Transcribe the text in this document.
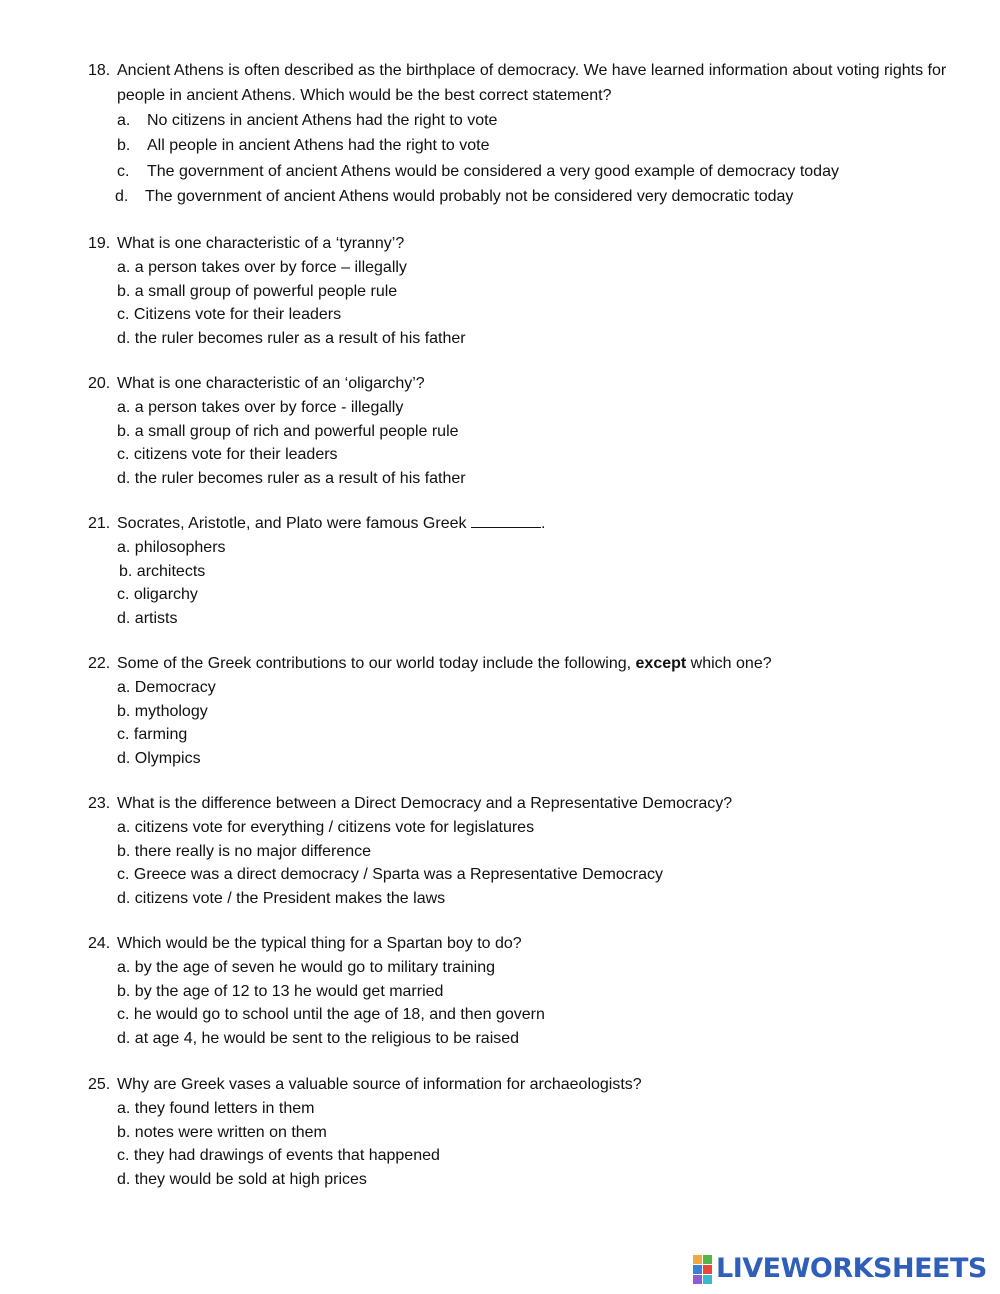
18. Ancient Athens is often described as the birthplace of democracy. We have learned information about voting rights for people in ancient Athens. Which would be the best correct statement?
a.	No citizens in ancient Athens had the right to vote
b.	All people in ancient Athens had the right to vote
c.	The government of ancient Athens would be considered a very good example of democracy today
d.	The government of ancient Athens would probably not be considered very democratic today
19. What is one characteristic of a ‘tyranny’?
a. a person takes over by force – illegally
b. a small group of powerful people rule
c. Citizens vote for their leaders
d. the ruler becomes ruler as a result of his father
20. What is one characteristic of an ‘oligarchy’?
a. a person takes over by force - illegally
b. a small group of rich and powerful people rule
c. citizens vote for their leaders
d. the ruler becomes ruler as a result of his father
21. Socrates, Aristotle, and Plato were famous Greek	.
a. philosophers
b. architects
c. oligarchy
d. artists
22. Some of the Greek contributions to our world today include the following, except which one?
a. Democracy
b. mythology
c. farming
d. Olympics
23. What is the difference between a Direct Democracy and a Representative Democracy?
a. citizens vote for everything / citizens vote for legislatures
b. there really is no major difference
c. Greece was a direct democracy / Sparta was a Representative Democracy
d. citizens vote / the President makes the laws
24. Which would be the typical thing for a Spartan boy to do?
a. by the age of seven he would go to military training
b. by the age of 12 to 13 he would get married
c. he would go to school until the age of 18, and then govern
d. at age 4, he would be sent to the religious to be raised
25. Why are Greek vases a valuable source of information for archaeologists?
a. they found letters in them
b. notes were written on them
c. they had drawings of events that happened
d. they would be sold at high prices
LIVEWORKSHEETS
